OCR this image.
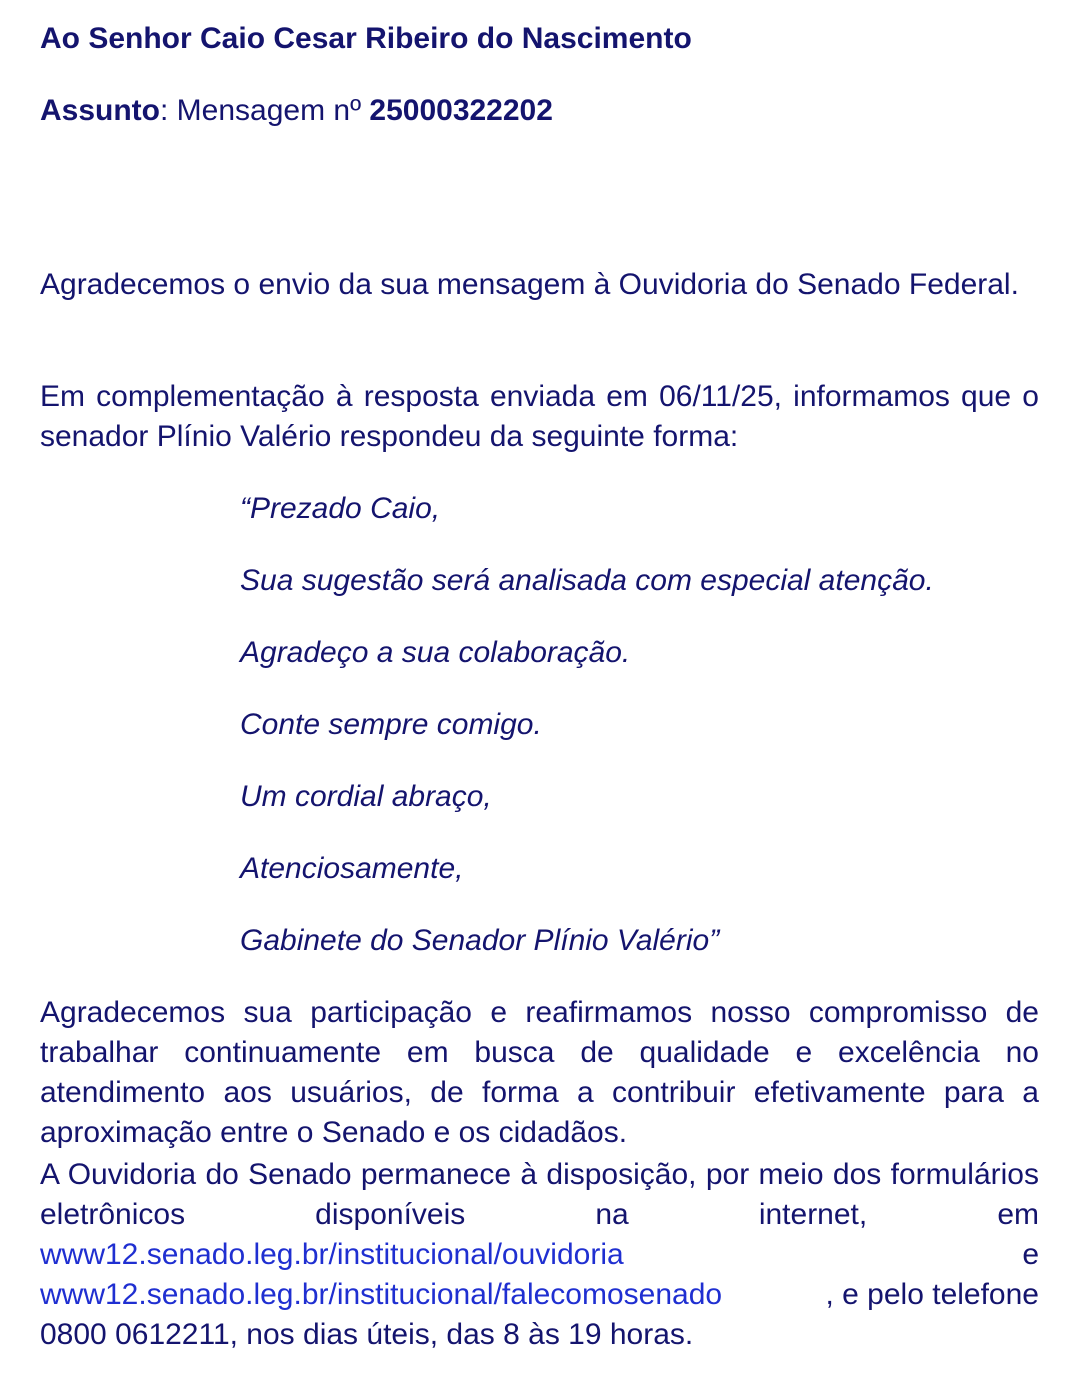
Ao Senhor Caio Cesar Ribeiro do Nascimento

Assunto: Mensagem nº 25000322202

Agradecemos o envio da sua mensagem à Ouvidoria do Senado Federal.

Em complementação à resposta enviada em 06/11/25, informamos que o senador Plínio Valério respondeu da seguinte forma:

“Prezado Caio,

Sua sugestão será analisada com especial atenção.

Agradeço a sua colaboração.

Conte sempre comigo.

Um cordial abraço,

Atenciosamente,

Gabinete do Senador Plínio Valério”

Agradecemos sua participação e reafirmamos nosso compromisso de trabalhar continuamente em busca de qualidade e excelência no atendimento aos usuários, de forma a contribuir efetivamente para a aproximação entre o Senado e os cidadãos.

A Ouvidoria do Senado permanece à disposição, por meio dos formulários eletrônicos disponíveis na internet, em
www12.senado.leg.br/institucional/ouvidoria	e
www12.senado.leg.br/institucional/falecomosenado	, e pelo telefone
0800 0612211, nos dias úteis, das 8 às 19 horas.
